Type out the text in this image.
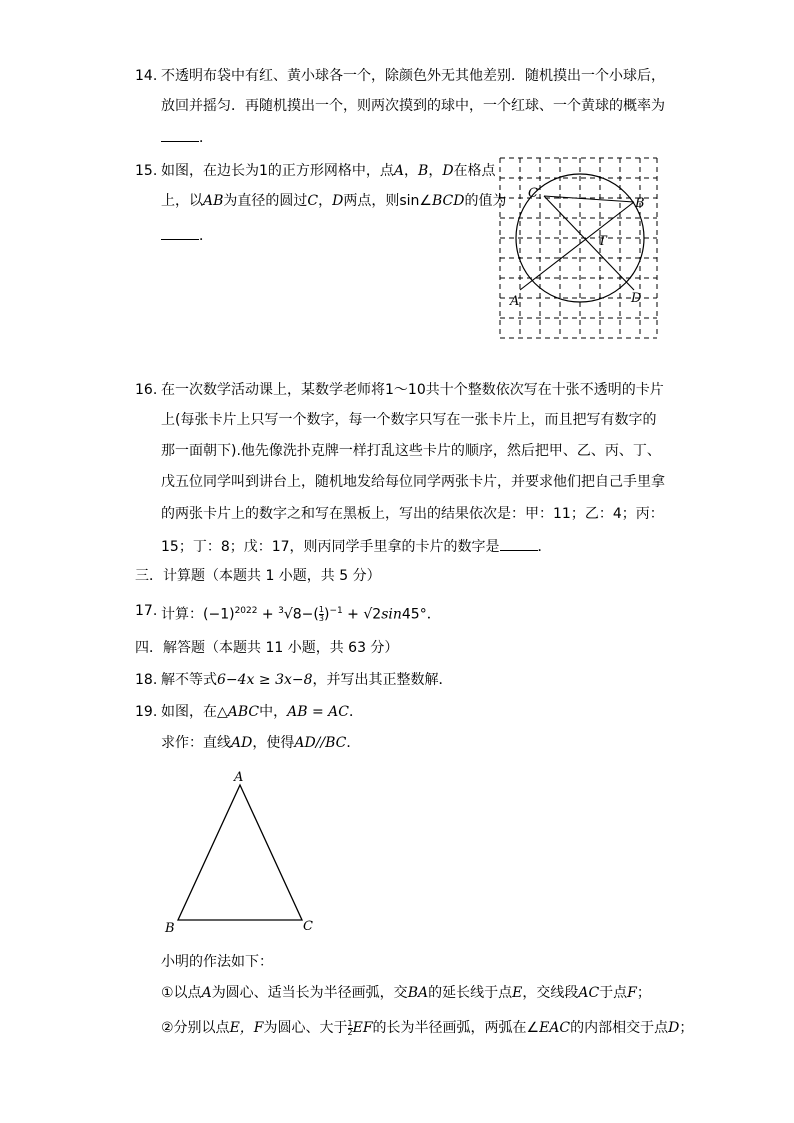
14. 不透明布袋中有红、黄小球各一个，除颜色外无其他差别．随机摸出一个小球后，
放回并摇匀．再随机摸出一个，则两次摸到的球中，一个红球、一个黄球的概率为
．
15. 如图，在边长为1的正方形网格中，点A，B，D在格点
上，以AB为直径的圆过C，D两点，则sin∠BCD的值为
．
C
B
T
A	D
16. 在一次数学活动课上，某数学老师将1～10共十个整数依次写在十张不透明的卡片
上(每张卡片上只写一个数字，每一个数字只写在一张卡片上，而且把写有数字的
那一面朝下).他先像洗扑克牌一样打乱这些卡片的顺序，然后把甲、乙、丙、丁、
戊五位同学叫到讲台上，随机地发给每位同学两张卡片，并要求他们把自己手里拿
的两张卡片上的数字之和写在黑板上，写出的结果依次是：甲：11；乙：4；丙：
15；丁：8；戊：17，则丙同学手里拿的卡片的数字是	．
三．计算题（本题共 1 小题，共 5 分）
17. 计算：$(-1)^{2022} + ^3√8-( \frac{1}{3} )^{-1} + √2\sin 45^\circ$．
四．解答题（本题共 11 小题，共 63 分）
18. 解不等式6−4x ≥ 3x−8，并写出其正整数解．
19. 如图，在△ABC中，AB = AC．
求作：直线AD，使得AD//BC．
A
B	C
小明的作法如下：
①以点A为圆心、适当长为半径画弧，交BA的延长线于点E，交线段AC于点F；
②分别以点E，F为圆心、大于 $\frac{1}{2}$ EF的长为半径画弧，两弧在∠EAC的内部相交于点D；
